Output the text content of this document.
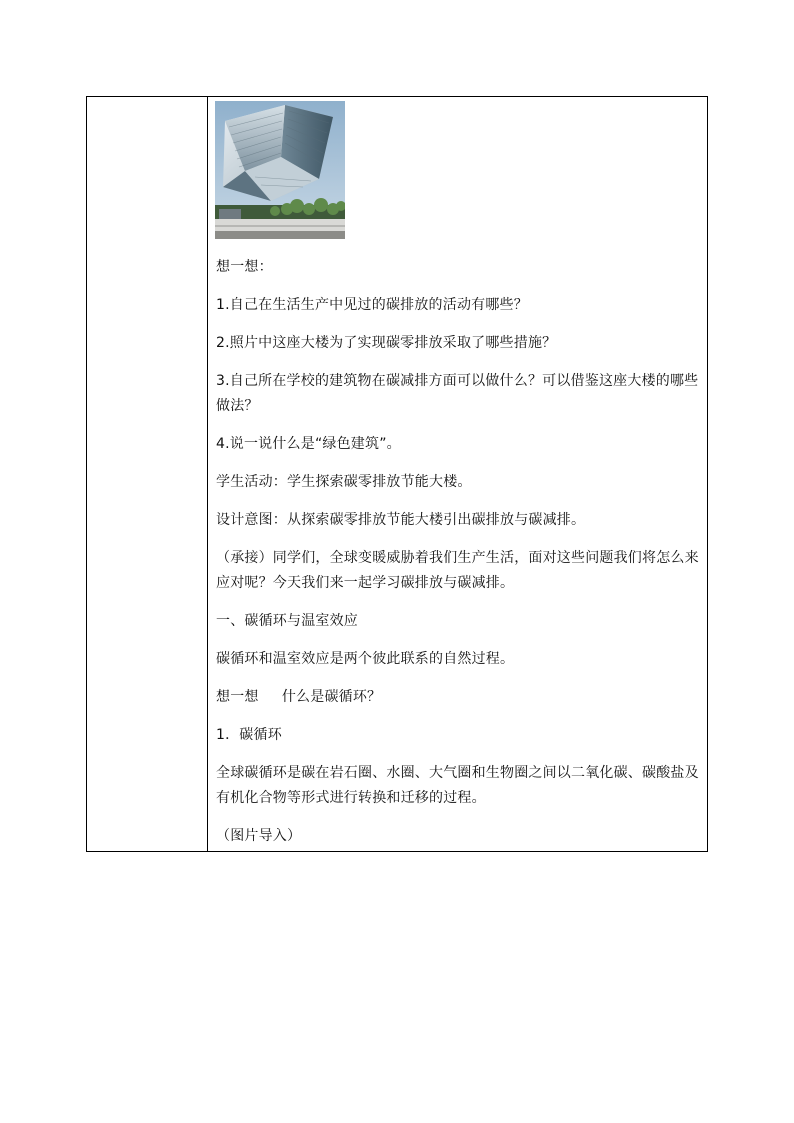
想一想：

1.自己在生活生产中见过的碳排放的活动有哪些？

2.照片中这座大楼为了实现碳零排放采取了哪些措施？

3.自己所在学校的建筑物在碳减排方面可以做什么？可以借鉴这座大楼的哪些做法？

4.说一说什么是“绿色建筑”。

学生活动：学生探索碳零排放节能大楼。

设计意图：从探索碳零排放节能大楼引出碳排放与碳减排。

（承接）同学们，全球变暖威胁着我们生产生活，面对这些问题我们将怎么来应对呢？今天我们来一起学习碳排放与碳减排。

一、碳循环与温室效应

碳循环和温室效应是两个彼此联系的自然过程。

想一想     什么是碳循环？

1．碳循环

全球碳循环是碳在岩石圈、水圈、大气圈和生物圈之间以二氧化碳、碳酸盐及有机化合物等形式进行转换和迁移的过程。

（图片导入）
